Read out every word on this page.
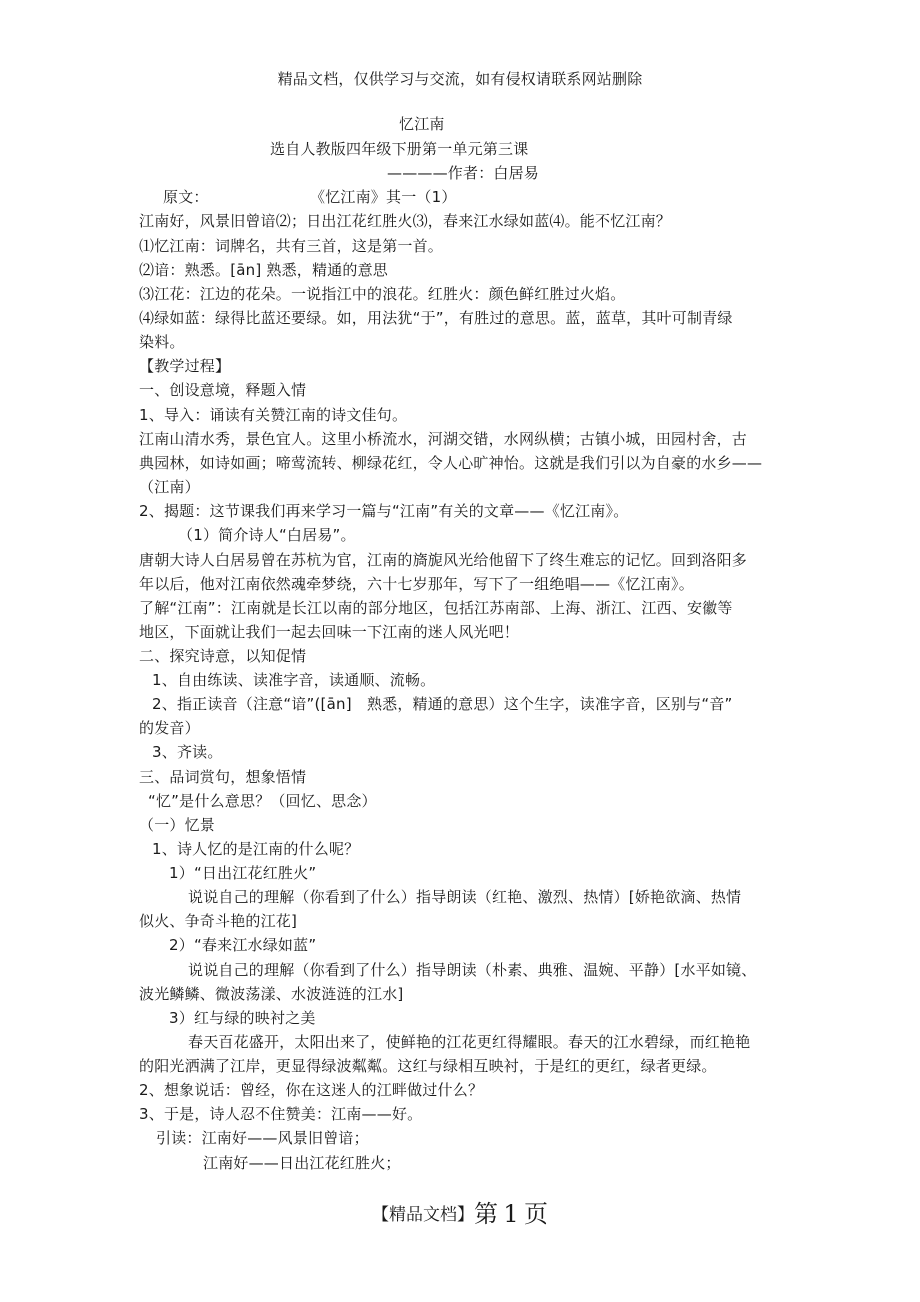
精品文档，仅供学习与交流，如有侵权请联系网站删除
忆江南
选自人教版四年级下册第一单元第三课
————作者：白居易
原文：	《忆江南》其一（1）
江南好，风景旧曾谙⑵；日出江花红胜火⑶，春来江水绿如蓝⑷。能不忆江南？
⑴忆江南：词牌名，共有三首，这是第一首。
⑵谙：熟悉。[ān] 熟悉，精通的意思
⑶江花：江边的花朵。一说指江中的浪花。红胜火：颜色鲜红胜过火焰。
⑷绿如蓝：绿得比蓝还要绿。如，用法犹“于”，有胜过的意思。蓝，蓝草，其叶可制青绿
染料。
【教学过程】
一、创设意境，释题入情
1、导入：诵读有关赞江南的诗文佳句。
江南山清水秀，景色宜人。这里小桥流水，河湖交错，水网纵横；古镇小城，田园村舍，古
典园林，如诗如画；啼莺流转、柳绿花红，令人心旷神怡。这就是我们引以为自豪的水乡——
（江南）
2、揭题：这节课我们再来学习一篇与“江南”有关的文章——《忆江南》。
（1）简介诗人“白居易”。
唐朝大诗人白居易曾在苏杭为官，江南的旖旎风光给他留下了终生难忘的记忆。回到洛阳多
年以后，他对江南依然魂牵梦绕，六十七岁那年，写下了一组绝唱——《忆江南》。
了解“江南”：江南就是长江以南的部分地区，包括江苏南部、上海、浙江、江西、安徽等
地区，下面就让我们一起去回味一下江南的迷人风光吧！
二、探究诗意，以知促情
1、自由练读、读准字音，读通顺、流畅。
2、指正读音（注意“谙”([ān]　熟悉，精通的意思）这个生字，读准字音，区别与“音”
的发音）
3、齐读。
三、品词赏句，想象悟情
“忆”是什么意思？（回忆、思念）
（一）忆景
1、诗人忆的是江南的什么呢？
1）“日出江花红胜火”
说说自己的理解（你看到了什么）指导朗读（红艳、激烈、热情）[娇艳欲滴、热情
似火、争奇斗艳的江花]
2）“春来江水绿如蓝”
说说自己的理解（你看到了什么）指导朗读（朴素、典雅、温婉、平静）[水平如镜、
波光鳞鳞、微波荡漾、水波涟涟的江水]
3）红与绿的映衬之美
春天百花盛开，太阳出来了，使鲜艳的江花更红得耀眼。春天的江水碧绿，而红艳艳
的阳光洒满了江岸，更显得绿波粼粼。这红与绿相互映衬，于是红的更红，绿者更绿。
2、想象说话：曾经，你在这迷人的江畔做过什么？
3、于是，诗人忍不住赞美：江南——好。
引读：江南好——风景旧曾谙；
江南好——日出江花红胜火；
【精品文档】第 1 页
